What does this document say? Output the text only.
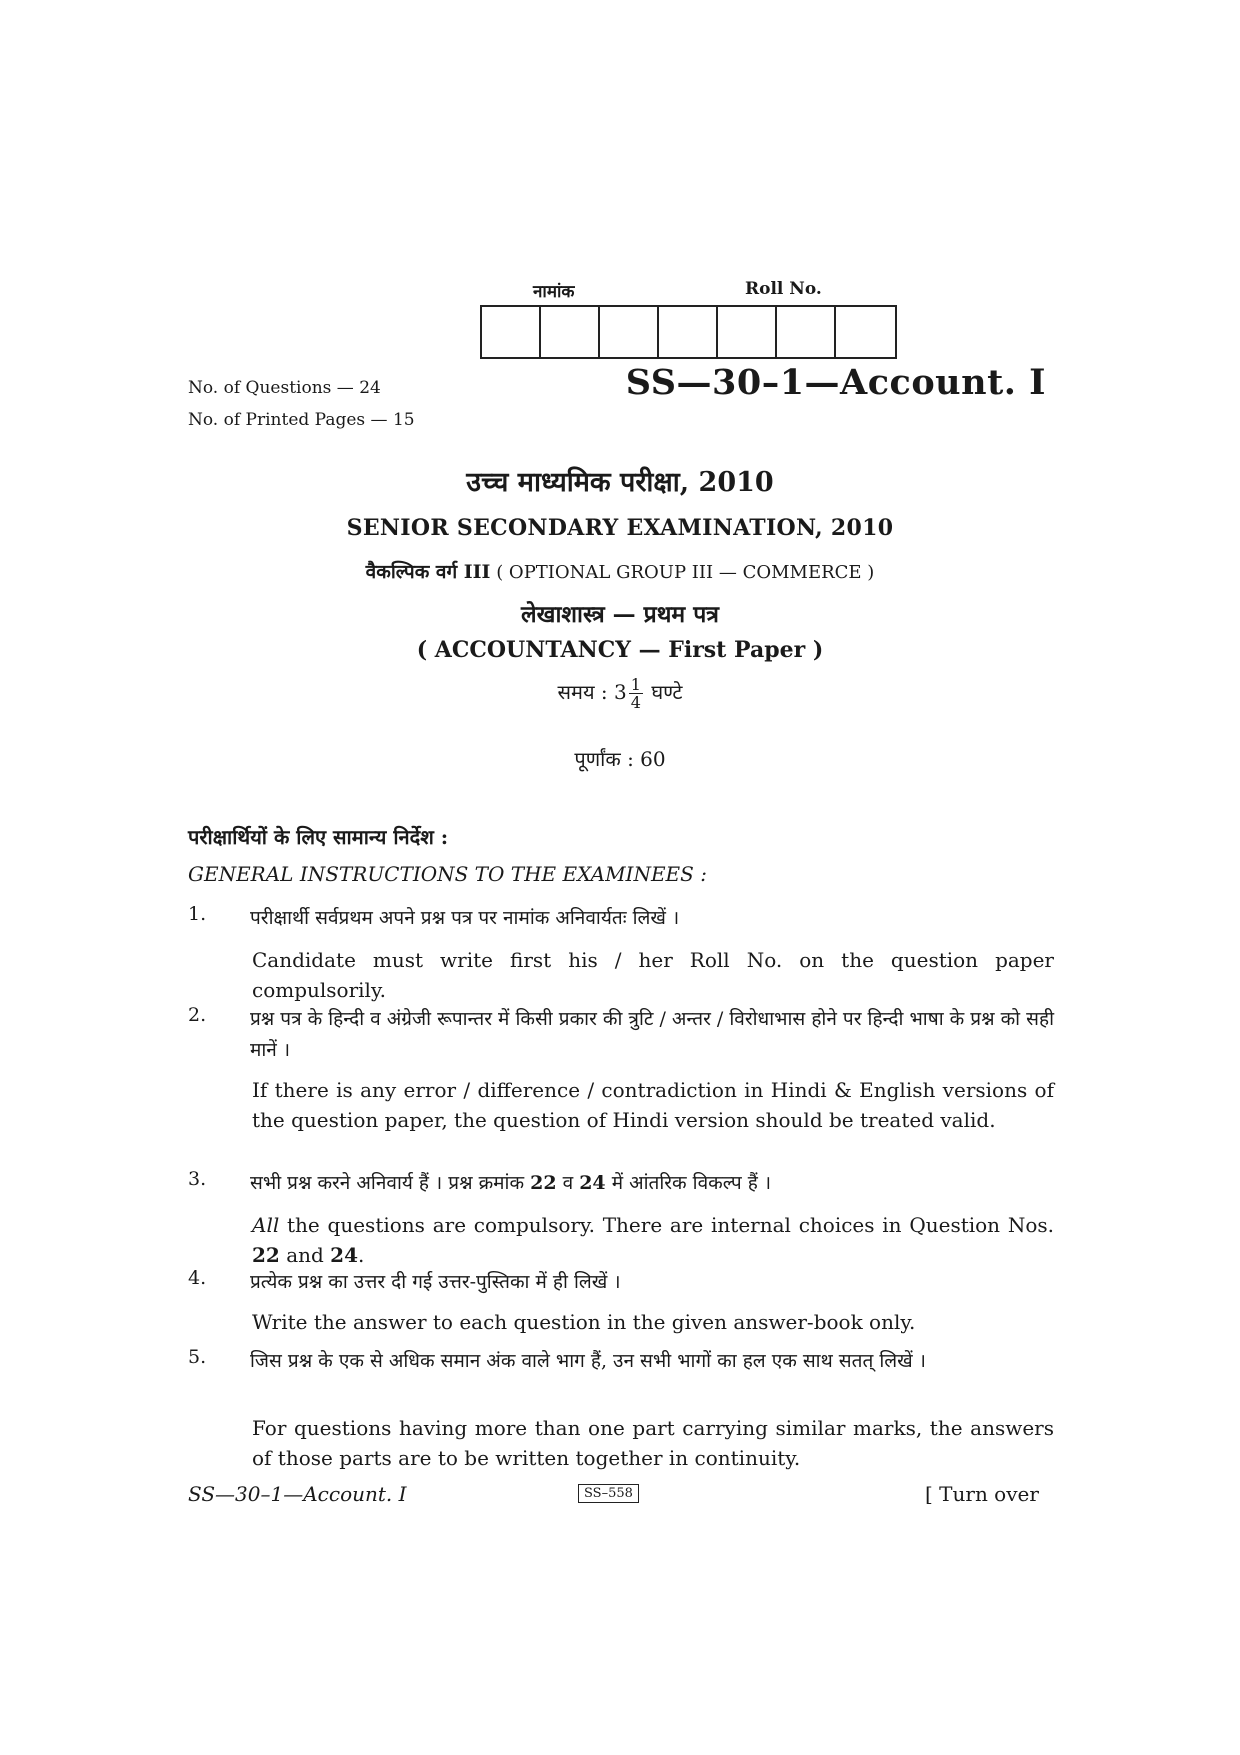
नामांक	Roll No.
No. of Questions — 24
No. of Printed Pages — 15
SS—30–1—Account. I
उच्च माध्यमिक परीक्षा, 2010
SENIOR SECONDARY EXAMINATION, 2010
वैकल्पिक वर्ग III ( OPTIONAL GROUP III — COMMERCE )
लेखाशास्त्र — प्रथम पत्र
( ACCOUNTANCY — First Paper )
समय : $3 \frac{1}{4}$ घण्टे
पूर्णांक : 60
परीक्षार्थियों के लिए सामान्य निर्देश :
GENERAL INSTRUCTIONS TO THE EXAMINEES :
1. परीक्षार्थी सर्वप्रथम अपने प्रश्न पत्र पर नामांक अनिवार्यतः लिखें ।
Candidate must write first his / her Roll No. on the question paper compulsorily.
2. प्रश्न पत्र के हिन्दी व अंग्रेजी रूपान्तर में किसी प्रकार की त्रुटि / अन्तर / विरोधाभास होने पर हिन्दी भाषा के प्रश्न को सही मानें ।
If there is any error / difference / contradiction in Hindi & English versions of the question paper, the question of Hindi version should be treated valid.
3. सभी प्रश्न करने अनिवार्य हैं । प्रश्न क्रमांक 22 व 24 में आंतरिक विकल्प हैं ।
All the questions are compulsory. There are internal choices in Question Nos. 22 and 24.
4. प्रत्येक प्रश्न का उत्तर दी गई उत्तर-पुस्तिका में ही लिखें ।
Write the answer to each question in the given answer-book only.
5. जिस प्रश्न के एक से अधिक समान अंक वाले भाग हैं, उन सभी भागों का हल एक साथ सतत् लिखें ।
For questions having more than one part carrying similar marks, the answers of those parts are to be written together in continuity.
SS—30–1—Account. I	SS–558	[ Turn over
